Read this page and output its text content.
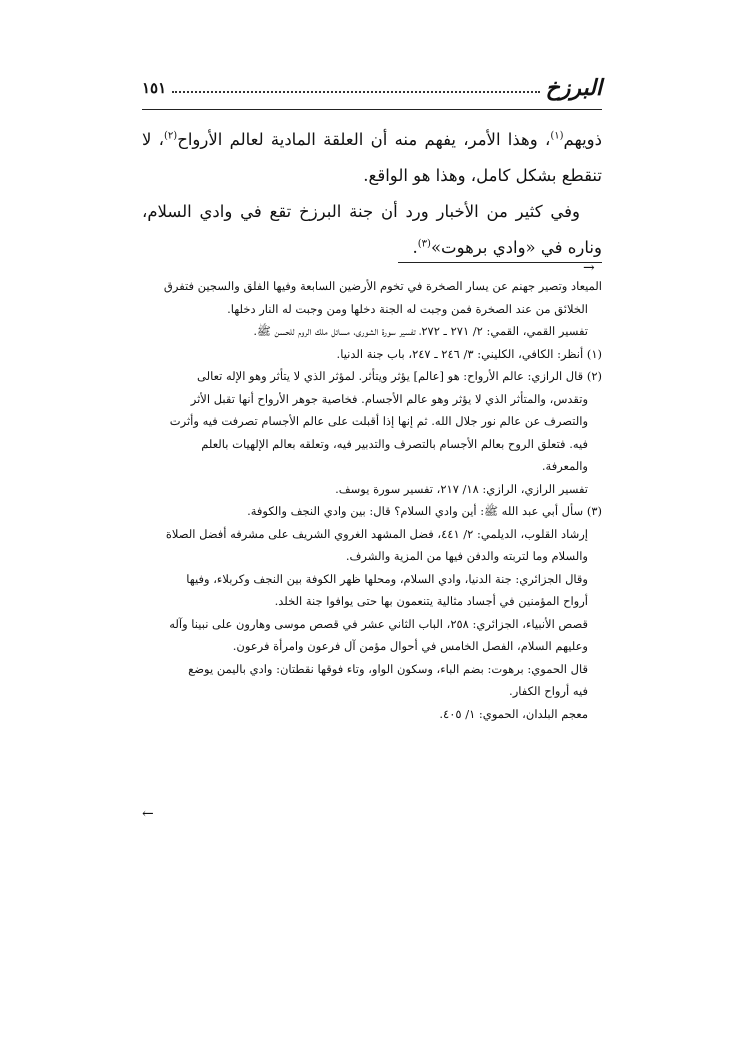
١٥١	البرزخ

ذويهم$^{(١)}$، وهذا الأمر، يفهم منه أن العلقة المادية لعالم الأرواح$^{(٢)}$، لا تنقطع بشكل كامل، وهذا هو الواقع.

وفي كثير من الأخبار ورد أن جنة البرزخ تقع في وادي السلام، وناره في «وادي برهوت»$^{(٣)}$.

→

الميعاد وتصير جهنم عن يسار الصخرة في تخوم الأرضين السابعة وفيها الفلق والسجين فتفرق

الخلائق من عند الصخرة فمن وجبت له الجنة دخلها ومن وجبت له النار دخلها.

تفسير القمي، القمي: ٢/ ٢٧١ ـ ٢٧٢، تفسير سورة الشورى، مسائل ملك الروم للحسن ﷺ.

(١) أنظر: الكافي، الكليني: ٣/ ٢٤٦ ـ ٢٤٧، باب جنة الدنيا.

(٢) قال الرازي: عالم الأرواح: هو [عالم] يؤثر ويتأثر. لمؤثر الذي لا يتأثر وهو الإله تعالى

وتقدس، والمتأثر الذي لا يؤثر وهو عالم الأجسام. فخاصية جوهر الأرواح أنها تقبل الأثر

والتصرف عن عالم نور جلال الله. ثم إنها إذا أقبلت على عالم الأجسام تصرفت فيه وأثرت

فيه. فتعلق الروح بعالم الأجسام بالتصرف والتدبير فيه، وتعلقه بعالم الإلهيات بالعلم

والمعرفة.

تفسير الرازي، الرازي: ١٨/ ٢١٧، تفسير سورة يوسف.

(٣) سأل أبي عبد الله ﷺ: أين وادي السلام؟ قال: بين وادي النجف والكوفة.

إرشاد القلوب، الديلمي: ٢/ ٤٤١، فضل المشهد الغروي الشريف على مشرفه أفضل الصلاة

والسلام وما لتربته والدفن فيها من المزية والشرف.

وقال الجزائري: جنة الدنيا، وادي السلام، ومحلها ظهر الكوفة بين النجف وكربلاء، وفيها

أرواح المؤمنين في أجساد مثالية يتنعمون بها حتى يوافوا جنة الخلد.

قصص الأنبياء، الجزائري: ٢٥٨، الباب الثاني عشر في قصص موسى وهارون على نبينا وآله

وعليهم السلام، الفصل الخامس في أحوال مؤمن آل فرعون وامرأة فرعون.

قال الحموي: برهوت: بضم الباء، وسكون الواو، وتاء فوقها نقطتان: وادي باليمن يوضع

فيه أرواح الكفار.

معجم البلدان، الحموي: ١/ ٤٠٥.

←
